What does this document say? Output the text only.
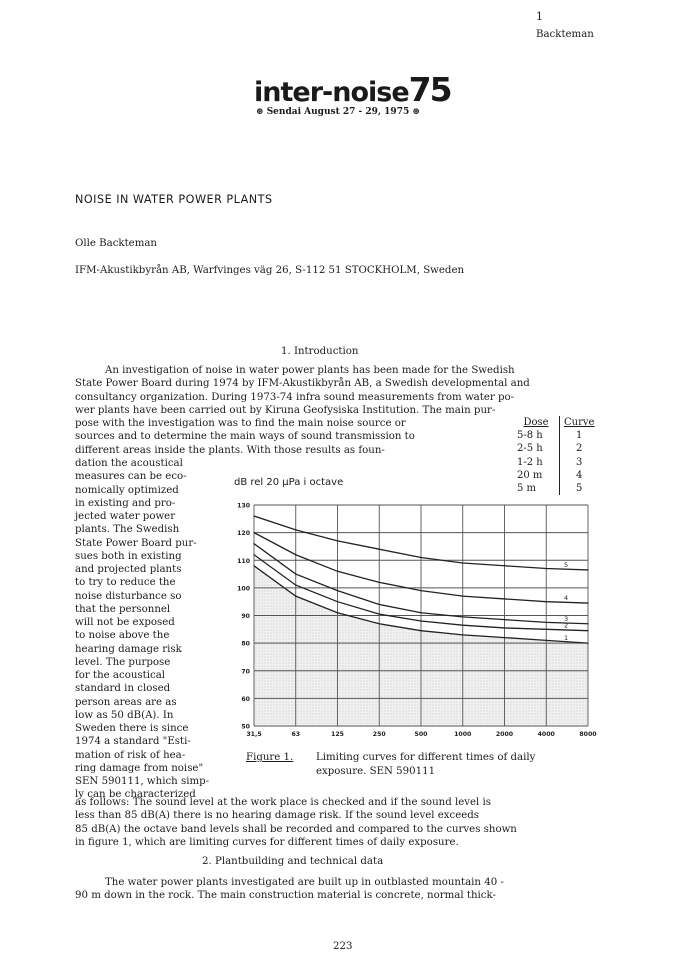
1
Backteman
inter-noise75
⊛ Sendai August 27 - 29, 1975 ⊛
NOISE IN WATER POWER PLANTS
Olle Backteman
IFM-Akustikbyrån AB, Warfvinges väg 26, S-112 51 STOCKHOLM, Sweden
1. Introduction
An investigation of noise in water power plants has been made for the Swedish
State Power Board during 1974 by IFM-Akustikbyrån AB, a Swedish developmental and
consultancy organization. During 1973-74 infra sound measurements from water po-
wer plants have been carried out by Kiruna Geofysiska Institution. The main pur-
pose with the investigation was to find the main noise source or
sources and to determine the main ways of sound transmission to
different areas inside the plants. With those results as foun-
dation the acoustical
measures can be eco-
nomically optimized
in existing and pro-
jected water power
plants. The Swedish
State Power Board pur-
sues both in existing
and projected plants
to try to reduce the
noise disturbance so
that the personnel
will not be exposed
to noise above the
hearing damage risk
level. The purpose
for the acoustical
standard in closed
person areas are as
low as 50 dB(A). In
Sweden there is since
1974 a standard "Esti-
mation of risk of hea-
ring damage from noise"
SEN 590111, which simp-
ly can be characterized
as follows: The sound level at the work place is checked and if the sound level is
less than 85 dB(A) there is no hearing damage risk. If the sound level exceeds
85 dB(A) the octave band levels shall be recorded and compared to the curves shown
in figure 1, which are limiting curves for different times of daily exposure.
Dose	Curve
5-8 h	1
2-5 h	2
1-2 h	3
20 m	4
5 m	5
dB rel 20 µPa i octave
50
60
70
80
90
100
110
120
130
31,5	63	125	250	500	1000	2000	4000	8000
1
2
3
4
5
Figure 1. Limiting curves for different times of daily
exposure. SEN 590111
2. Plantbuilding and technical data
The water power plants investigated are built up in outblasted mountain 40 -
90 m down in the rock. The main construction material is concrete, normal thick-
223
